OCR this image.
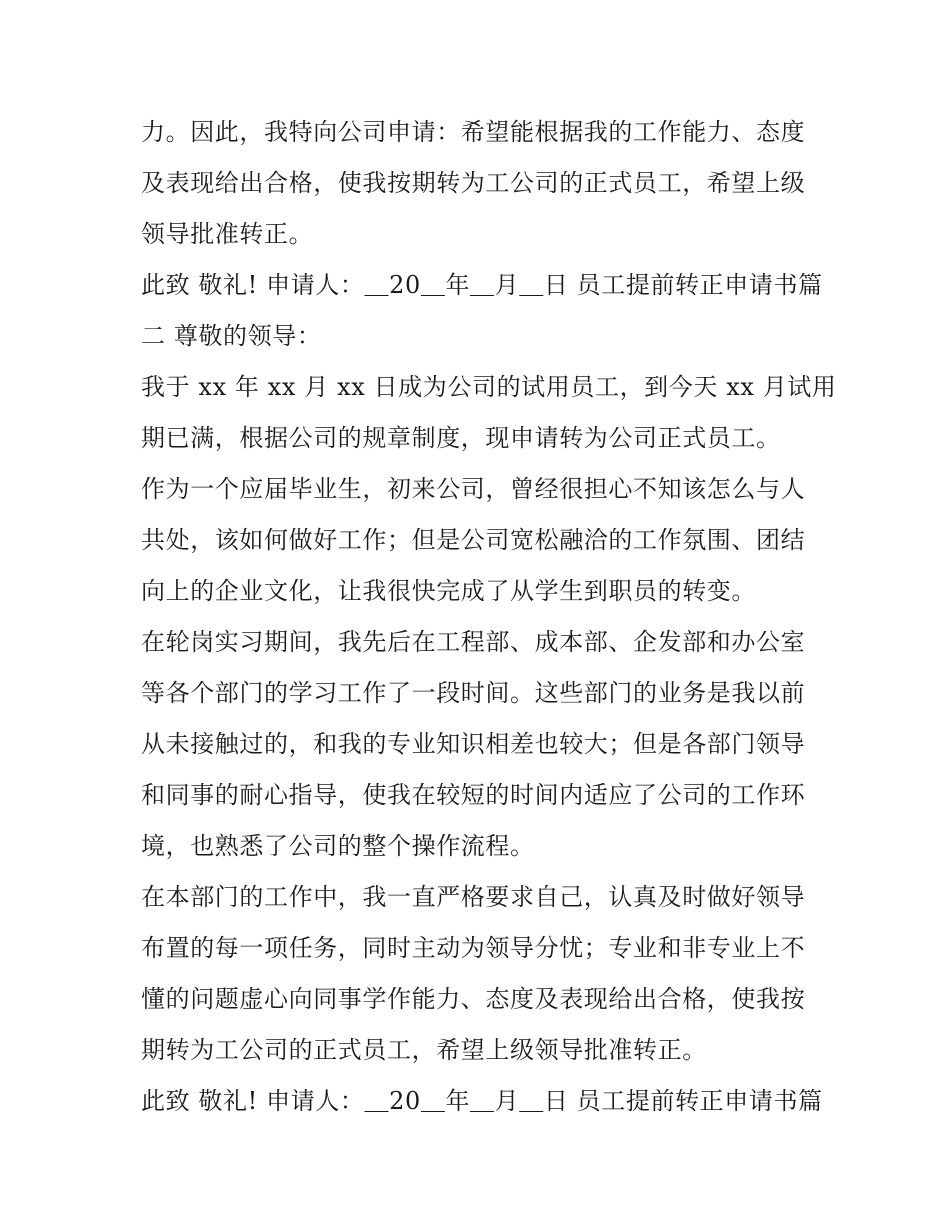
力。因此，我特向公司申请：希望能根据我的工作能力、态度
及表现给出合格，使我按期转为工公司的正式员工，希望上级
领导批准转正。
此致 敬礼! 申请人：＿20＿年＿月＿日 员工提前转正申请书篇
二 尊敬的领导：
我于 xx 年 xx 月 xx 日成为公司的试用员工，到今天 xx 月试用
期已满，根据公司的规章制度，现申请转为公司正式员工。
作为一个应届毕业生，初来公司，曾经很担心不知该怎么与人
共处，该如何做好工作；但是公司宽松融洽的工作氛围、团结
向上的企业文化，让我很快完成了从学生到职员的转变。
在轮岗实习期间，我先后在工程部、成本部、企发部和办公室
等各个部门的学习工作了一段时间。这些部门的业务是我以前
从未接触过的，和我的专业知识相差也较大；但是各部门领导
和同事的耐心指导，使我在较短的时间内适应了公司的工作环
境，也熟悉了公司的整个操作流程。
在本部门的工作中，我一直严格要求自己，认真及时做好领导
布置的每一项任务，同时主动为领导分忧；专业和非专业上不
懂的问题虚心向同事学作能力、态度及表现给出合格，使我按
期转为工公司的正式员工，希望上级领导批准转正。
此致 敬礼! 申请人：＿20＿年＿月＿日 员工提前转正申请书篇
